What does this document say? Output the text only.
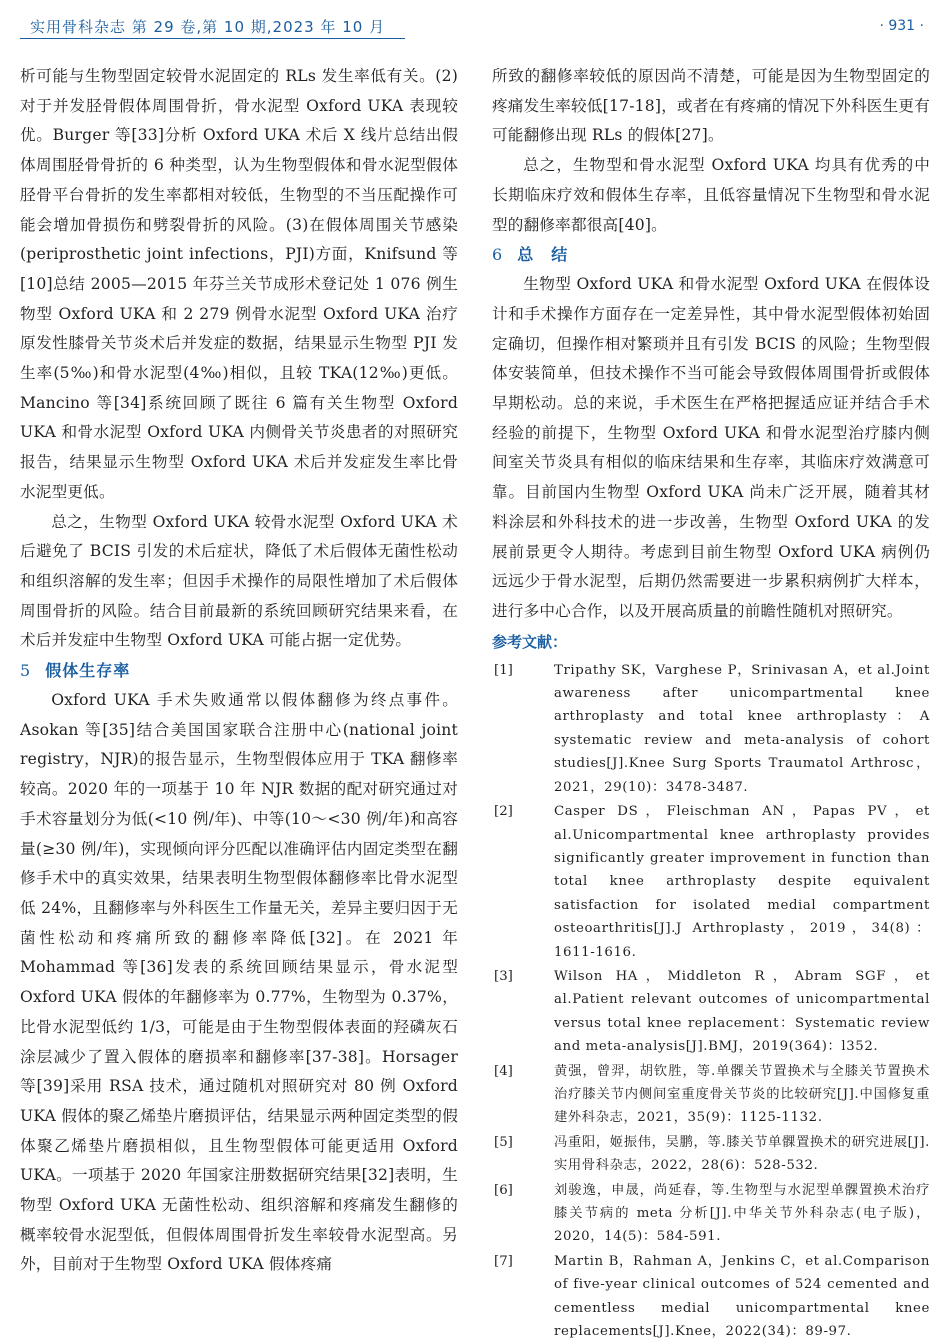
实用骨科杂志 第 29 卷,第 10 期,2023 年 10 月	· 931 ·

析可能与生物型固定较骨水泥固定的 RLs 发生率低有关。(2)对于并发胫骨假体周围骨折，骨水泥型 Oxford UKA 表现较优。Burger 等[33]分析 Oxford UKA 术后 X 线片总结出假体周围胫骨骨折的 6 种类型，认为生物型假体和骨水泥型假体胫骨平台骨折的发生率都相对较低，生物型的不当压配操作可能会增加骨损伤和劈裂骨折的风险。(3)在假体周围关节感染(periprosthetic joint infections，PJI)方面，Knifsund 等[10]总结 2005—2015 年芬兰关节成形术登记处 1 076 例生物型 Oxford UKA 和 2 279 例骨水泥型 Oxford UKA 治疗原发性膝骨关节炎术后并发症的数据，结果显示生物型 PJI 发生率(5‰)和骨水泥型(4‰)相似，且较 TKA(12‰)更低。Mancino 等[34]系统回顾了既往 6 篇有关生物型 Oxford UKA 和骨水泥型 Oxford UKA 内侧骨关节炎患者的对照研究报告，结果显示生物型 Oxford UKA 术后并发症发生率比骨水泥型更低。

总之，生物型 Oxford UKA 较骨水泥型 Oxford UKA 术后避免了 BCIS 引发的术后症状，降低了术后假体无菌性松动和组织溶解的发生率；但因手术操作的局限性增加了术后假体周围骨折的风险。结合目前最新的系统回顾研究结果来看，在术后并发症中生物型 Oxford UKA 可能占据一定优势。

5 假体生存率

Oxford UKA 手术失败通常以假体翻修为终点事件。Asokan 等[35]结合美国国家联合注册中心(national joint registry，NJR)的报告显示，生物型假体应用于 TKA 翻修率较高。2020 年的一项基于 10 年 NJR 数据的配对研究通过对手术容量划分为低(<10 例/年)、中等(10～<30 例/年)和高容量(≥30 例/年)，实现倾向评分匹配以准确评估内固定类型在翻修手术中的真实效果，结果表明生物型假体翻修率比骨水泥型低 24%，且翻修率与外科医生工作量无关，差异主要归因于无菌性松动和疼痛所致的翻修率降低[32]。在 2021 年 Mohammad 等[36]发表的系统回顾结果显示，骨水泥型 Oxford UKA 假体的年翻修率为 0.77%，生物型为 0.37%，比骨水泥型低约 1/3，可能是由于生物型假体表面的羟磷灰石涂层减少了置入假体的磨损率和翻修率[37-38]。Horsager 等[39]采用 RSA 技术，通过随机对照研究对 80 例 Oxford UKA 假体的聚乙烯垫片磨损评估，结果显示两种固定类型的假体聚乙烯垫片磨损相似，且生物型假体可能更适用 Oxford UKA。一项基于 2020 年国家注册数据研究结果[32]表明，生物型 Oxford UKA 无菌性松动、组织溶解和疼痛发生翻修的概率较骨水泥型低，但假体周围骨折发生率较骨水泥型高。另外，目前对于生物型 Oxford UKA 假体疼痛

所致的翻修率较低的原因尚不清楚，可能是因为生物型固定的疼痛发生率较低[17-18]，或者在有疼痛的情况下外科医生更有可能翻修出现 RLs 的假体[27]。

总之，生物型和骨水泥型 Oxford UKA 均具有优秀的中长期临床疗效和假体生存率，且低容量情况下生物型和骨水泥型的翻修率都很高[40]。

6 总　结

生物型 Oxford UKA 和骨水泥型 Oxford UKA 在假体设计和手术操作方面存在一定差异性，其中骨水泥型假体初始固定确切，但操作相对繁琐并且有引发 BCIS 的风险；生物型假体安装简单，但技术操作不当可能会导致假体周围骨折或假体早期松动。总的来说，手术医生在严格把握适应证并结合手术经验的前提下，生物型 Oxford UKA 和骨水泥型治疗膝内侧间室关节炎具有相似的临床结果和生存率，其临床疗效满意可靠。目前国内生物型 Oxford UKA 尚未广泛开展，随着其材料涂层和外科技术的进一步改善，生物型 Oxford UKA 的发展前景更令人期待。考虑到目前生物型 Oxford UKA 病例仍远远少于骨水泥型，后期仍然需要进一步累积病例扩大样本，进行多中心合作，以及开展高质量的前瞻性随机对照研究。

参考文献：

[1]	Tripathy SK，Varghese P，Srinivasan A，et al.Joint awareness after unicompartmental knee arthroplasty and total knee arthroplasty：A systematic review and meta-analysis of cohort studies[J].Knee Surg Sports Traumatol Arthrosc，2021，29(10)：3478-3487.
[2]	Casper DS，Fleischman AN，Papas PV，et al.Unicompartmental knee arthroplasty provides significantly greater improvement in function than total knee arthroplasty despite equivalent satisfaction for isolated medial compartment osteoarthritis[J].J Arthroplasty，2019，34(8)：1611-1616.
[3]	Wilson HA，Middleton R，Abram SGF，et al.Patient relevant outcomes of unicompartmental versus total knee replacement：Systematic review and meta-analysis[J].BMJ，2019(364)：l352.
[4]	黄强，曾羿，胡钦胜，等.单髁关节置换术与全膝关节置换术治疗膝关节内侧间室重度骨关节炎的比较研究[J].中国修复重建外科杂志，2021，35(9)：1125-1132.
[5]	冯重阳，姬振伟，吴鹏，等.膝关节单髁置换术的研究进展[J].实用骨科杂志，2022，28(6)：528-532.
[6]	刘骏逸，申晟，尚延春，等.生物型与水泥型单髁置换术治疗膝关节病的 meta 分析[J].中华关节外科杂志(电子版)，2020，14(5)：584-591.
[7]	Martin B，Rahman A，Jenkins C，et al.Comparison of five-year clinical outcomes of 524 cemented and cementless medial unicompartmental knee replacements[J].Knee，2022(34)：89-97.
